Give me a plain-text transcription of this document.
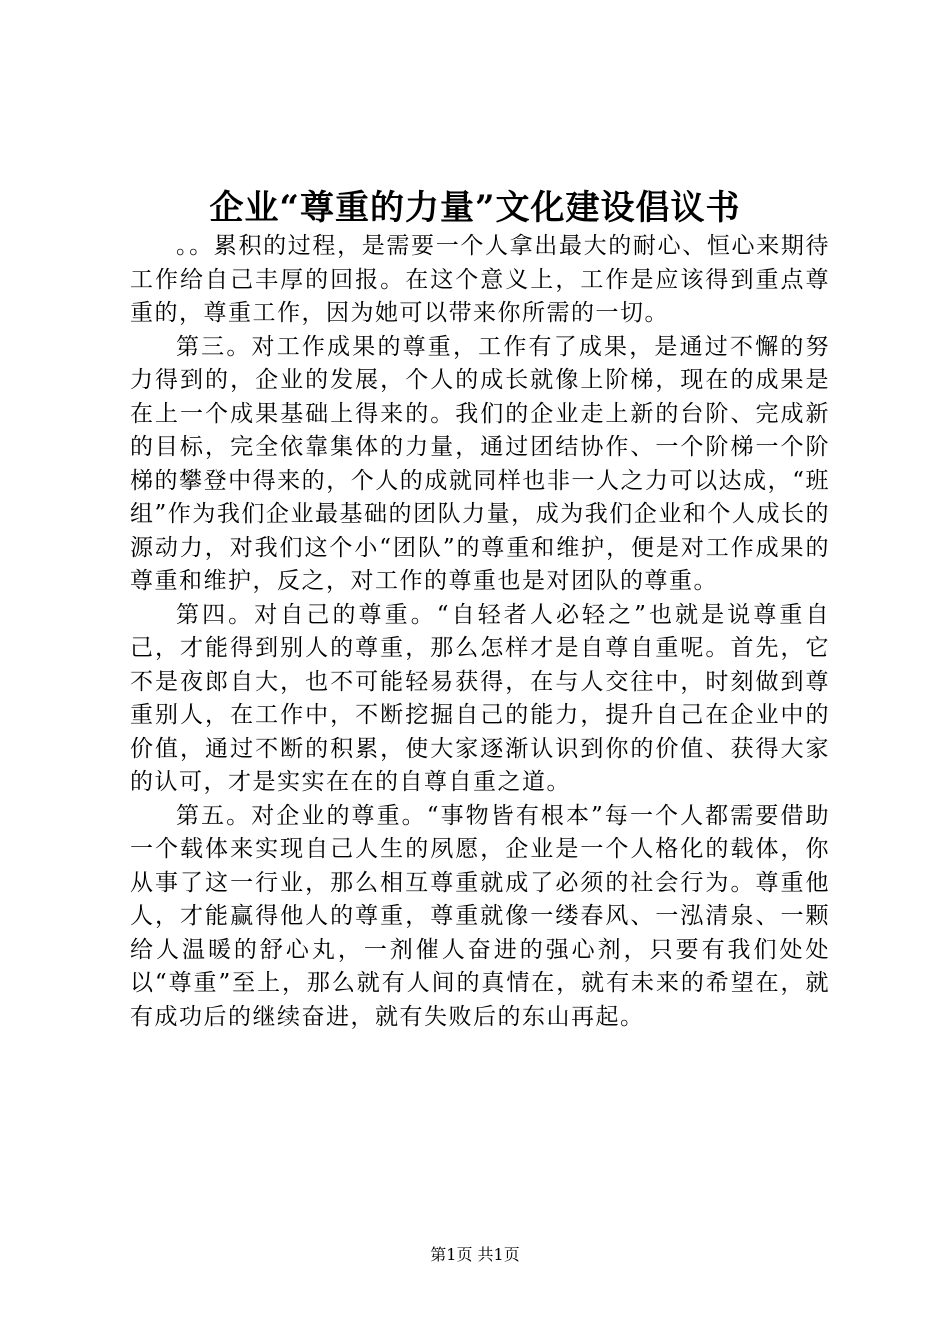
企业“尊重的力量”文化建设倡议书

。。累积的过程，是需要一个人拿出最大的耐心、恒心来期待工作给自己丰厚的回报。在这个意义上，工作是应该得到重点尊重的，尊重工作，因为她可以带来你所需的一切。

第三。对工作成果的尊重，工作有了成果，是通过不懈的努力得到的，企业的发展，个人的成长就像上阶梯，现在的成果是在上一个成果基础上得来的。我们的企业走上新的台阶、完成新的目标，完全依靠集体的力量，通过团结协作、一个阶梯一个阶梯的攀登中得来的，个人的成就同样也非一人之力可以达成，“班组”作为我们企业最基础的团队力量，成为我们企业和个人成长的源动力，对我们这个小“团队”的尊重和维护，便是对工作成果的尊重和维护，反之，对工作的尊重也是对团队的尊重。

第四。对自己的尊重。“自轻者人必轻之”也就是说尊重自己，才能得到别人的尊重，那么怎样才是自尊自重呢。首先，它不是夜郎自大，也不可能轻易获得，在与人交往中，时刻做到尊重别人，在工作中，不断挖掘自己的能力，提升自己在企业中的价值，通过不断的积累，使大家逐渐认识到你的价值、获得大家的认可，才是实实在在的自尊自重之道。

第五。对企业的尊重。“事物皆有根本”每一个人都需要借助一个载体来实现自己人生的夙愿，企业是一个人格化的载体，你从事了这一行业，那么相互尊重就成了必须的社会行为。尊重他人，才能赢得他人的尊重，尊重就像一缕春风、一泓清泉、一颗给人温暖的舒心丸，一剂催人奋进的强心剂，只要有我们处处以“尊重”至上，那么就有人间的真情在，就有未来的希望在，就有成功后的继续奋进，就有失败后的东山再起。

第1页 共1页
